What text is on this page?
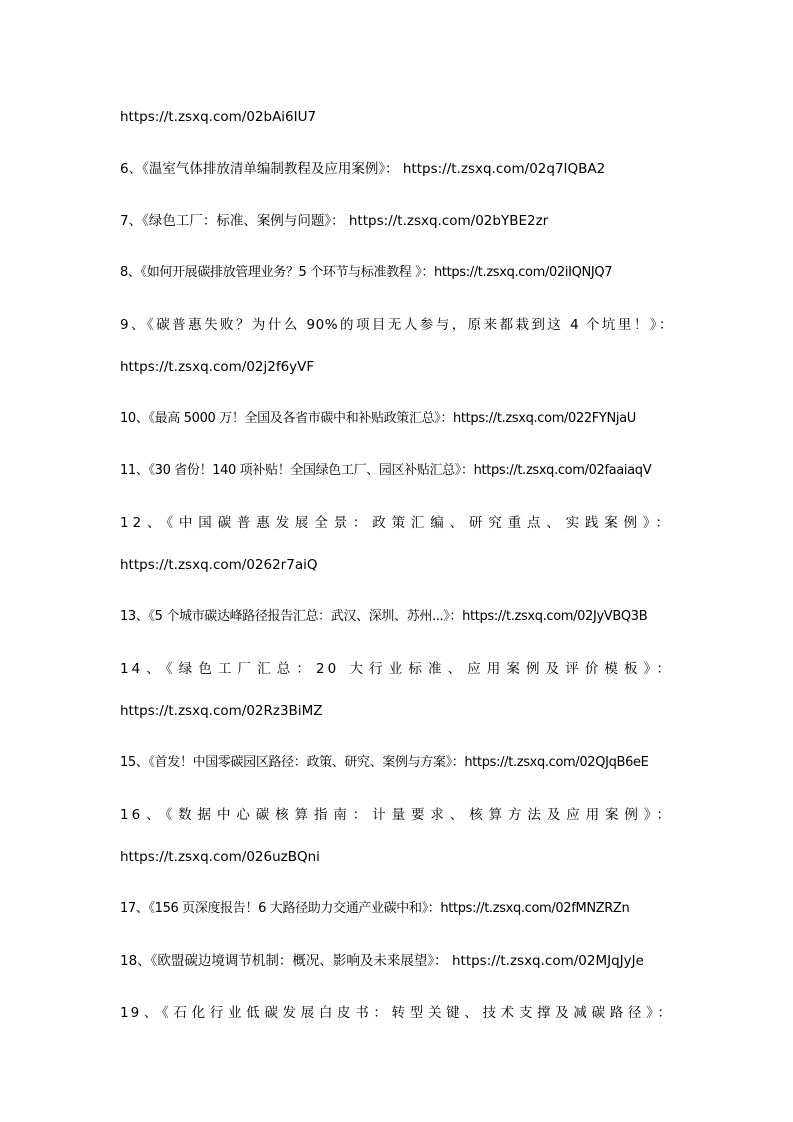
https://t.zsxq.com/02bAi6IU7
6、《温室气体排放清单编制教程及应用案例》： https://t.zsxq.com/02q7IQBA2
7、《绿色工厂：标准、案例与问题》： https://t.zsxq.com/02bYBE2zr
8、《如何开展碳排放管理业务？5 个环节与标准教程 》：https://t.zsxq.com/02iIQNJQ7
9、《碳普惠失败？为什么 90%的项目无人参与，原来都栽到这 4 个坑里！》：
https://t.zsxq.com/02j2f6yVF
10、《最高 5000 万！全国及各省市碳中和补贴政策汇总》：https://t.zsxq.com/022FYNjaU
11、《30 省份！140 项补贴！全国绿色工厂、园区补贴汇总》：https://t.zsxq.com/02faaiaqV
12、《中国碳普惠发展全景：政策汇编、研究重点、实践案例》：
https://t.zsxq.com/0262r7aiQ
13、《5 个城市碳达峰路径报告汇总：武汉、深圳、苏州...》：https://t.zsxq.com/02JyVBQ3B
14、《绿色工厂汇总：20 大行业标准、应用案例及评价模板》：
https://t.zsxq.com/02Rz3BiMZ
15、《首发！中国零碳园区路径：政策、研究、案例与方案》：https://t.zsxq.com/02QJqB6eE
16、《数据中心碳核算指南：计量要求、核算方法及应用案例》：
https://t.zsxq.com/026uzBQni
17、《156 页深度报告！6 大路径助力交通产业碳中和》：https://t.zsxq.com/02fMNZRZn
18、《欧盟碳边境调节机制：概况、影响及未来展望》： https://t.zsxq.com/02MJqJyJe
19、《石化行业低碳发展白皮书：转型关键、技术支撑及减碳路径》：
